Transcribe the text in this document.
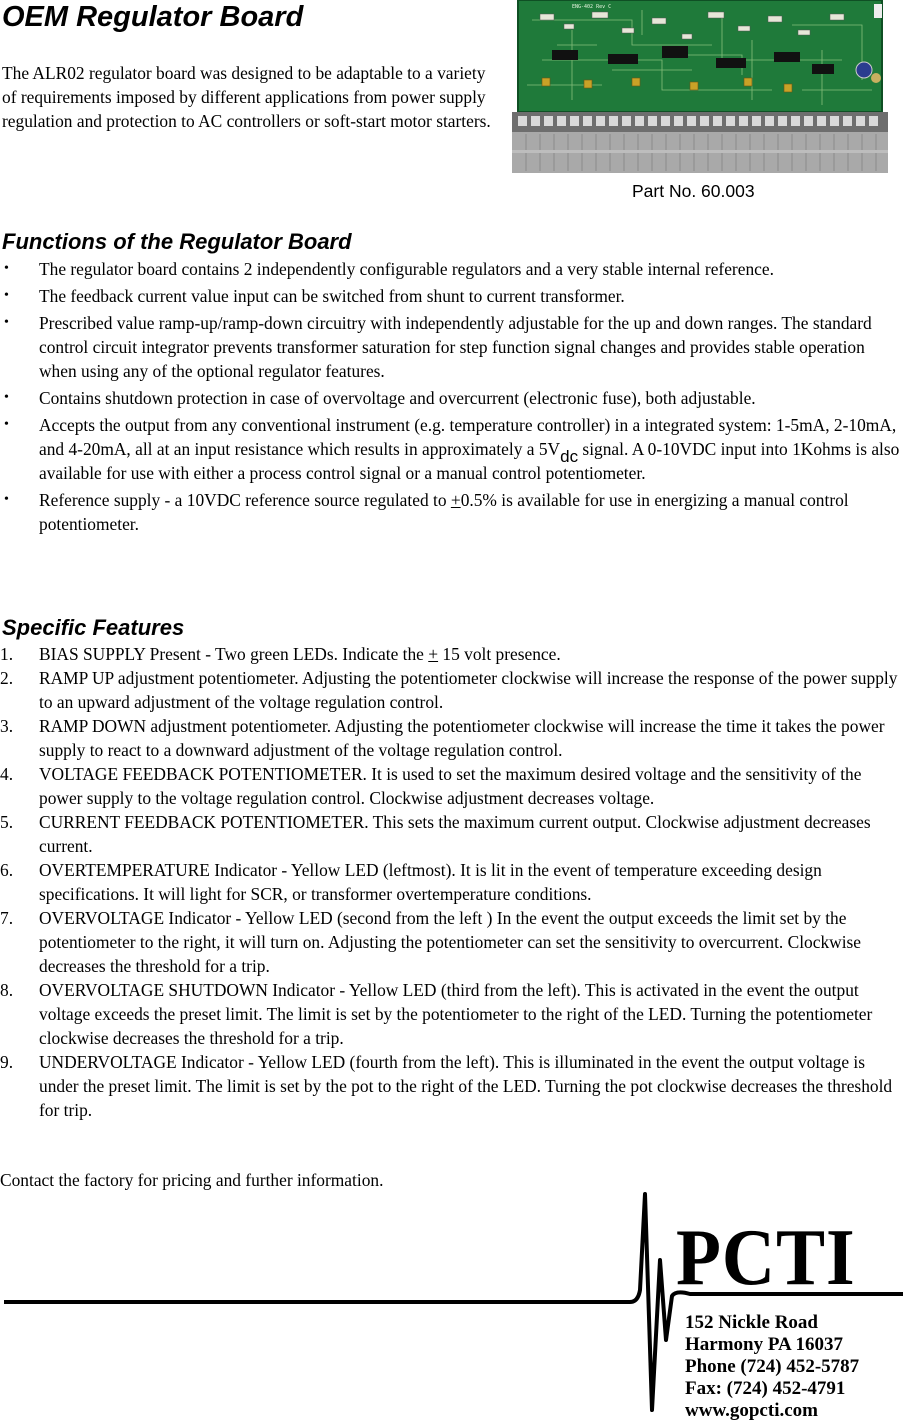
OEM Regulator Board

The ALR02 regulator board was designed to be adaptable to a variety of requirements imposed by different applications from power supply regulation and protection to AC controllers or soft-start motor starters.

ENG-402 Rev C

Part No. 60.003

Functions of the Regulator Board
• The regulator board contains 2 independently configurable regulators and a very stable internal reference.
• The feedback current value input can be switched from shunt to current transformer.
• Prescribed value ramp-up/ramp-down circuitry with independently adjustable for the up and down ranges. The standard control circuit integrator prevents transformer saturation for step function signal changes and provides stable operation when using any of the optional regulator features.
• Contains shutdown protection in case of overvoltage and overcurrent (electronic fuse), both adjustable.
• Accepts the output from any conventional instrument (e.g. temperature controller) in a integrated system: 1-5mA, 2-10mA, and 4-20mA, all at an input resistance which results in approximately a 5Vdc signal. A 0-10VDC input into 1Kohms is also available for use with either a process control signal or a manual control potentiometer.
• Reference supply - a 10VDC reference source regulated to +0.5% is available for use in energizing a manual control potentiometer.
Specific Features
1. BIAS SUPPLY Present - Two green LEDs. Indicate the + 15 volt presence.
2. RAMP UP adjustment potentiometer. Adjusting the potentiometer clockwise will increase the response of the power supply to an upward adjustment of the voltage regulation control.
3. RAMP DOWN adjustment potentiometer. Adjusting the potentiometer clockwise will increase the time it takes the power supply to react to a downward adjustment of the voltage regulation control.
4. VOLTAGE FEEDBACK POTENTIOMETER. It is used to set the maximum desired voltage and the sensitivity of the power supply to the voltage regulation control. Clockwise adjustment decreases voltage.
5. CURRENT FEEDBACK POTENTIOMETER. This sets the maximum current output. Clockwise adjustment decreases current.
6. OVERTEMPERATURE Indicator - Yellow LED (leftmost). It is lit in the event of temperature exceeding design specifications. It will light for SCR, or transformer overtemperature conditions.
7. OVERVOLTAGE Indicator - Yellow LED (second from the left ) In the event the output exceeds the limit set by the potentiometer to the right, it will turn on. Adjusting the potentiometer can set the sensitivity to overcurrent. Clockwise decreases the threshold for a trip.
8. OVERVOLTAGE SHUTDOWN Indicator - Yellow LED (third from the left). This is activated in the event the output voltage exceeds the preset limit. The limit is set by the potentiometer to the right of the LED. Turning the potentiometer clockwise decreases the threshold for a trip.
9. UNDERVOLTAGE Indicator - Yellow LED (fourth from the left). This is illuminated in the event the output voltage is under the preset limit. The limit is set by the pot to the right of the LED. Turning the pot clockwise decreases the threshold for trip.

Contact the factory for pricing and further information.

PCTI
152 Nickle Road
Harmony PA 16037
Phone (724) 452-5787
Fax: (724) 452-4791
www.gopcti.com
